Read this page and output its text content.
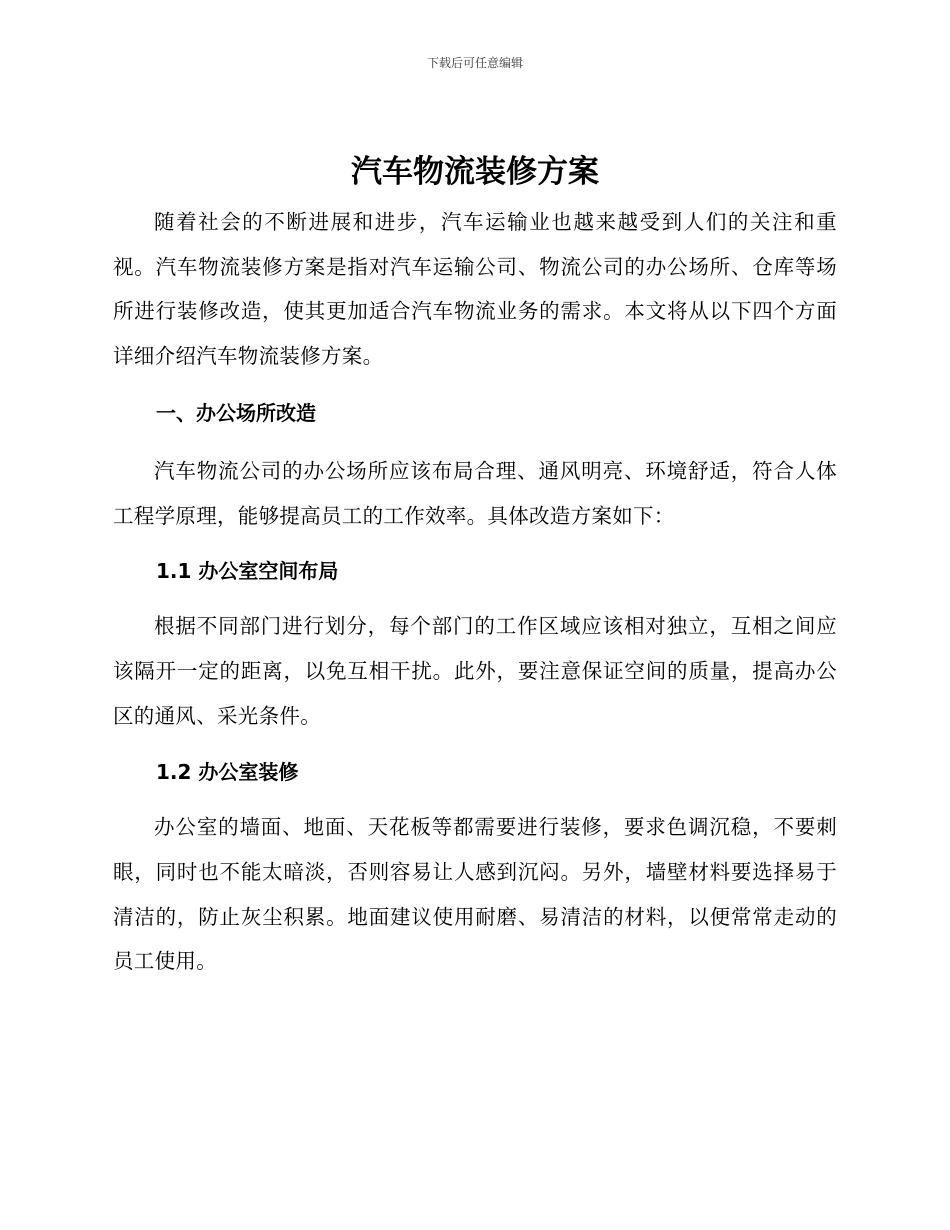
下载后可任意编辑
汽车物流装修方案

随着社会的不断进展和进步，汽车运输业也越来越受到人们的关注和重视。汽车物流装修方案是指对汽车运输公司、物流公司的办公场所、仓库等场所进行装修改造，使其更加适合汽车物流业务的需求。本文将从以下四个方面详细介绍汽车物流装修方案。

一、办公场所改造

汽车物流公司的办公场所应该布局合理、通风明亮、环境舒适，符合人体工程学原理，能够提高员工的工作效率。具体改造方案如下：

1.1 办公室空间布局

根据不同部门进行划分，每个部门的工作区域应该相对独立，互相之间应该隔开一定的距离，以免互相干扰。此外，要注意保证空间的质量，提高办公区的通风、采光条件。

1.2 办公室装修

办公室的墙面、地面、天花板等都需要进行装修，要求色调沉稳，不要刺眼，同时也不能太暗淡，否则容易让人感到沉闷。另外，墙壁材料要选择易于清洁的，防止灰尘积累。地面建议使用耐磨、易清洁的材料，以便常常走动的员工使用。
